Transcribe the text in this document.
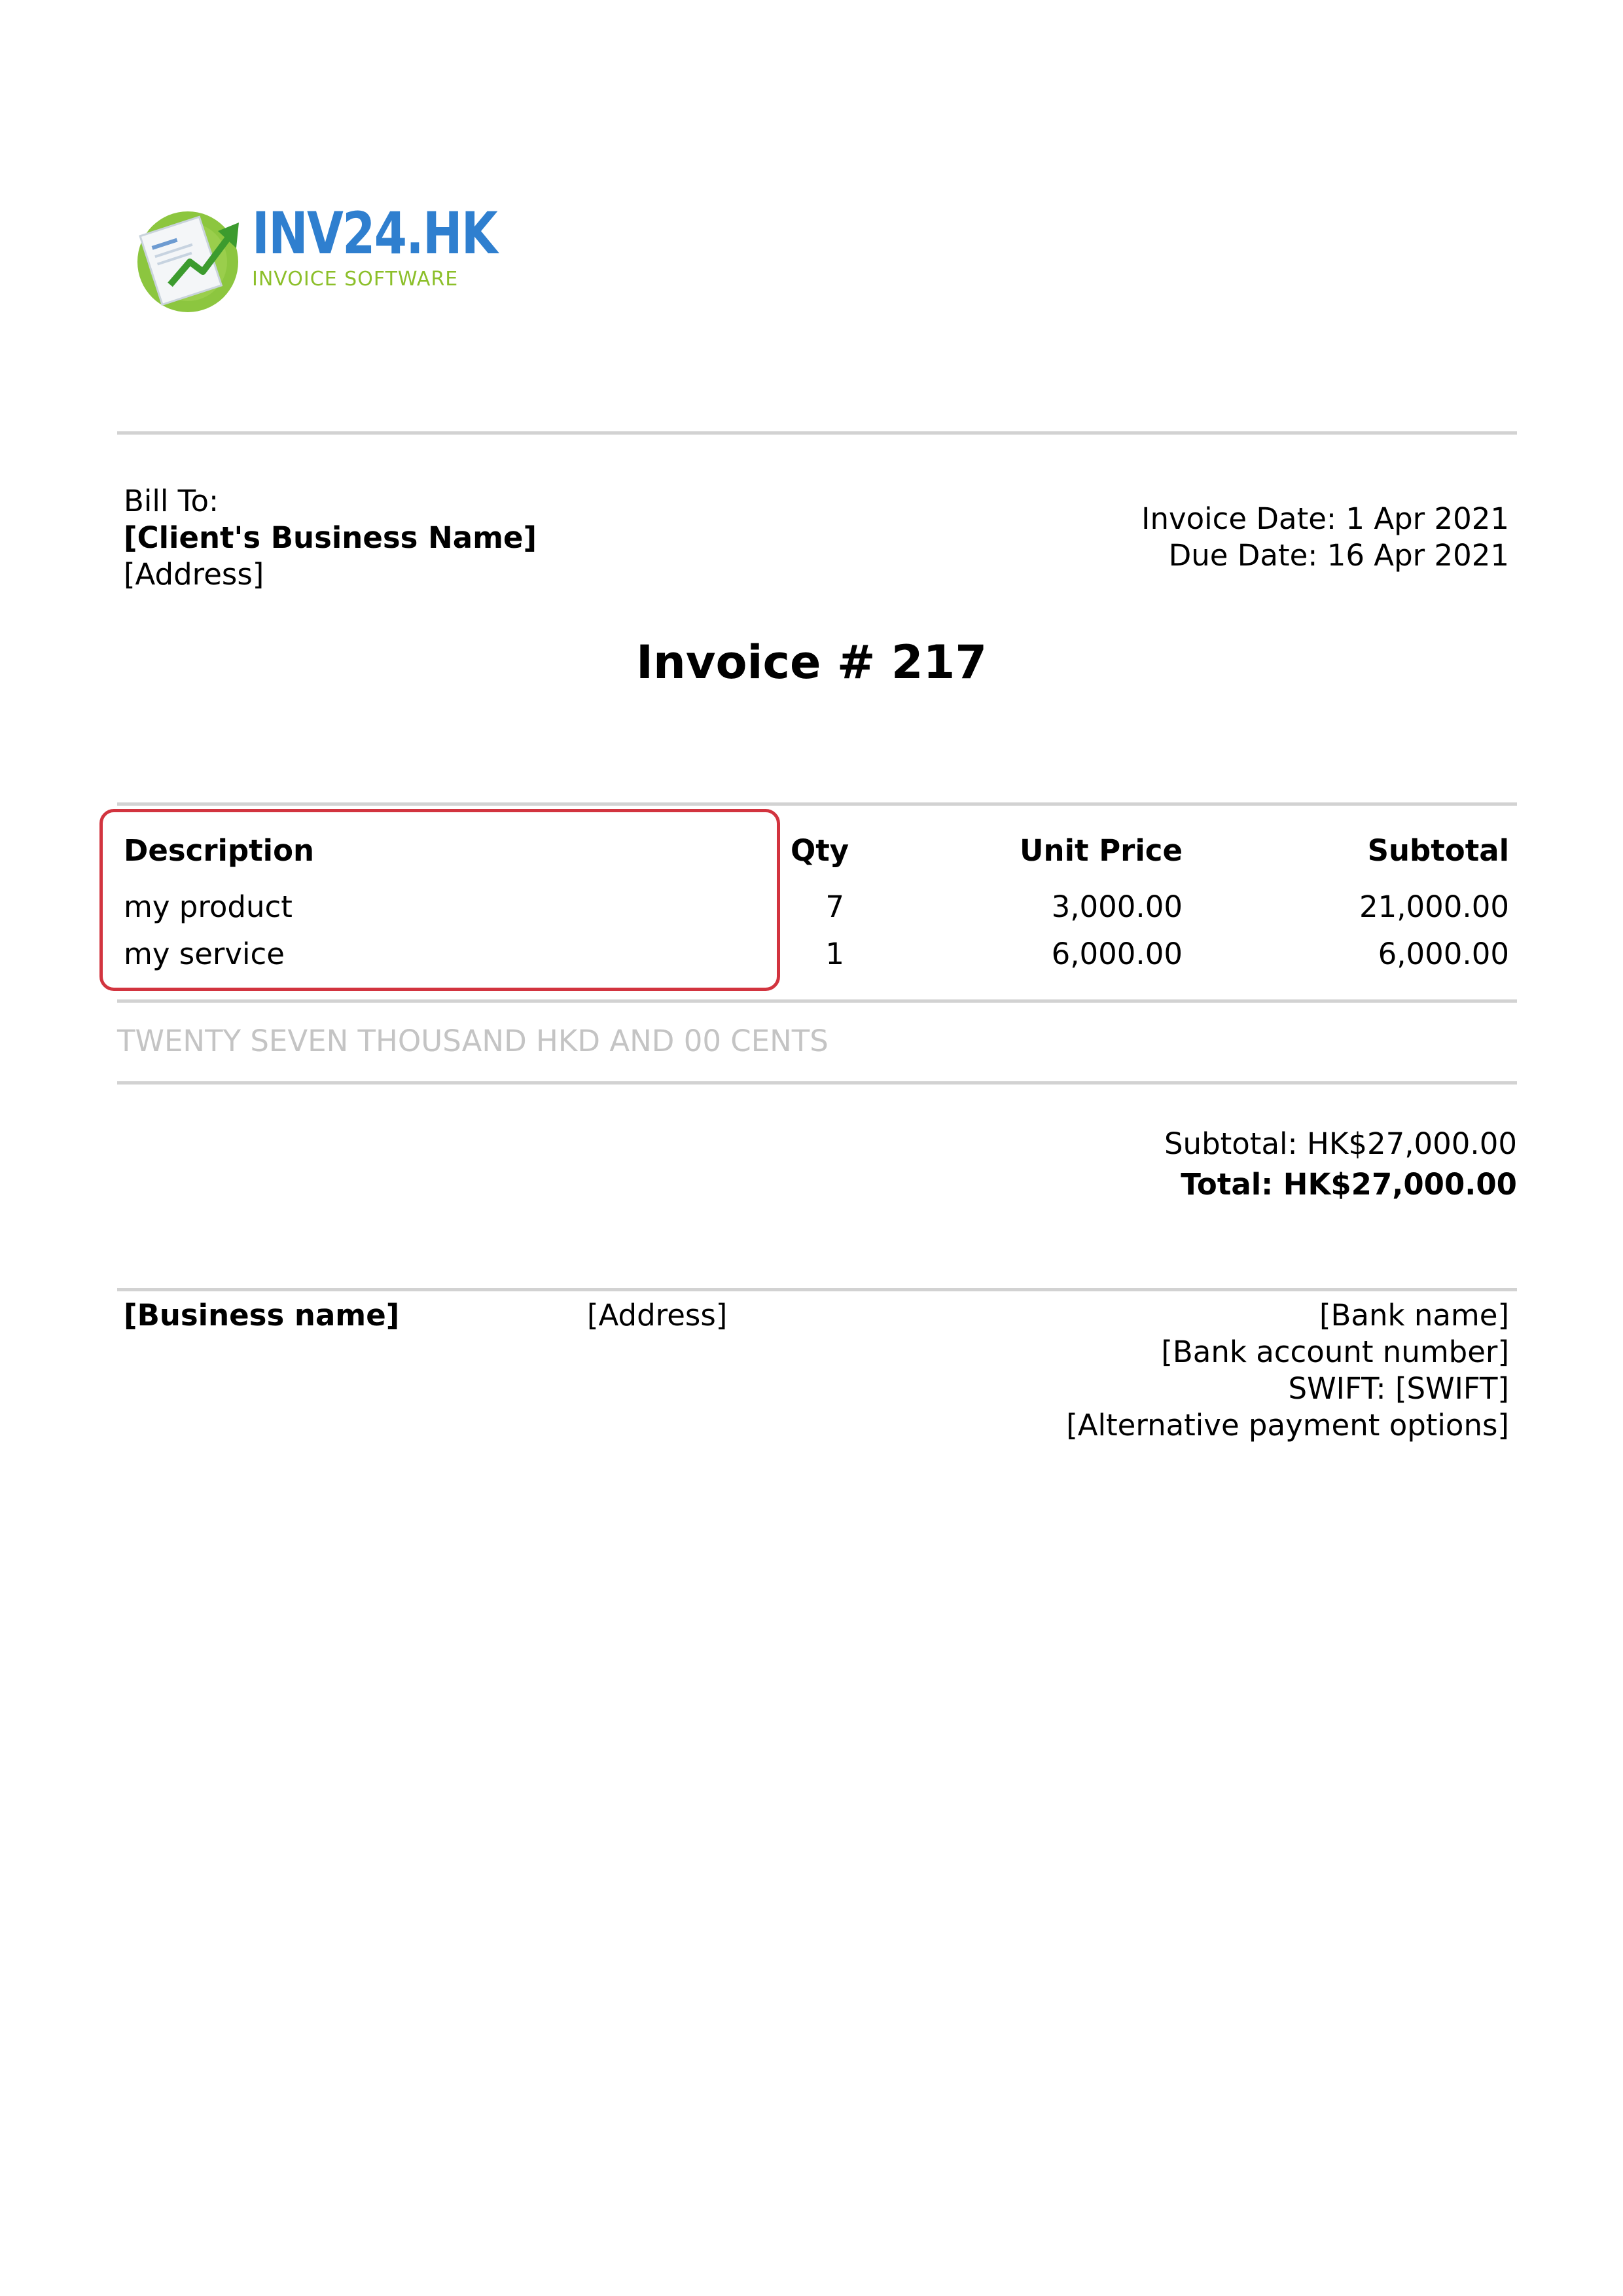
INV24.HK
INVOICE SOFTWARE
Bill To:
[Client's Business Name]
[Address]
Invoice Date: 1 Apr 2021
Due Date: 16 Apr 2021
Invoice # 217
Description	Qty	Unit Price	Subtotal
my product	7	3,000.00	21,000.00
my service	1	6,000.00	6,000.00
TWENTY SEVEN THOUSAND HKD AND 00 CENTS
Subtotal: HK$27,000.00
Total: HK$27,000.00
[Business name]	[Address]	[Bank name]
[Bank account number]
SWIFT: [SWIFT]
[Alternative payment options]
